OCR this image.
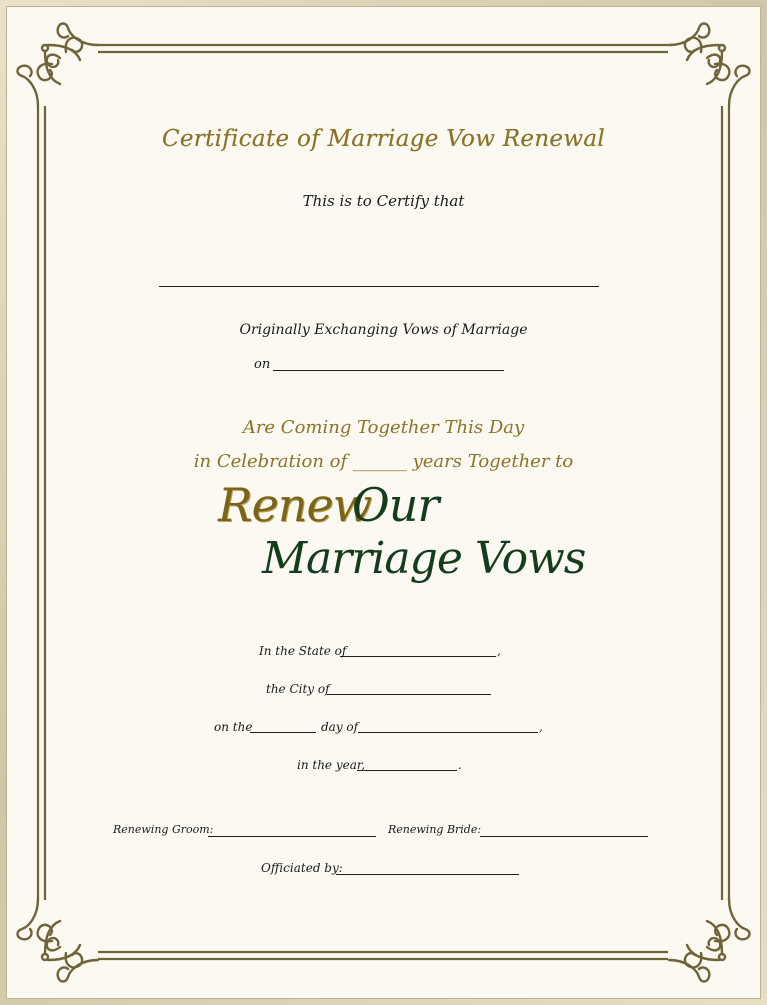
Certificate of Marriage Vow Renewal
This is to Certify that
Originally Exchanging Vows of Marriage
on
Are Coming Together This Day
in Celebration of ______ years Together to
Renew
Our
Marriage Vows
In the State of	,
the City of
on the	day of	,
in the year,	.
Renewing Groom:	Renewing Bride:
Officiated by:
